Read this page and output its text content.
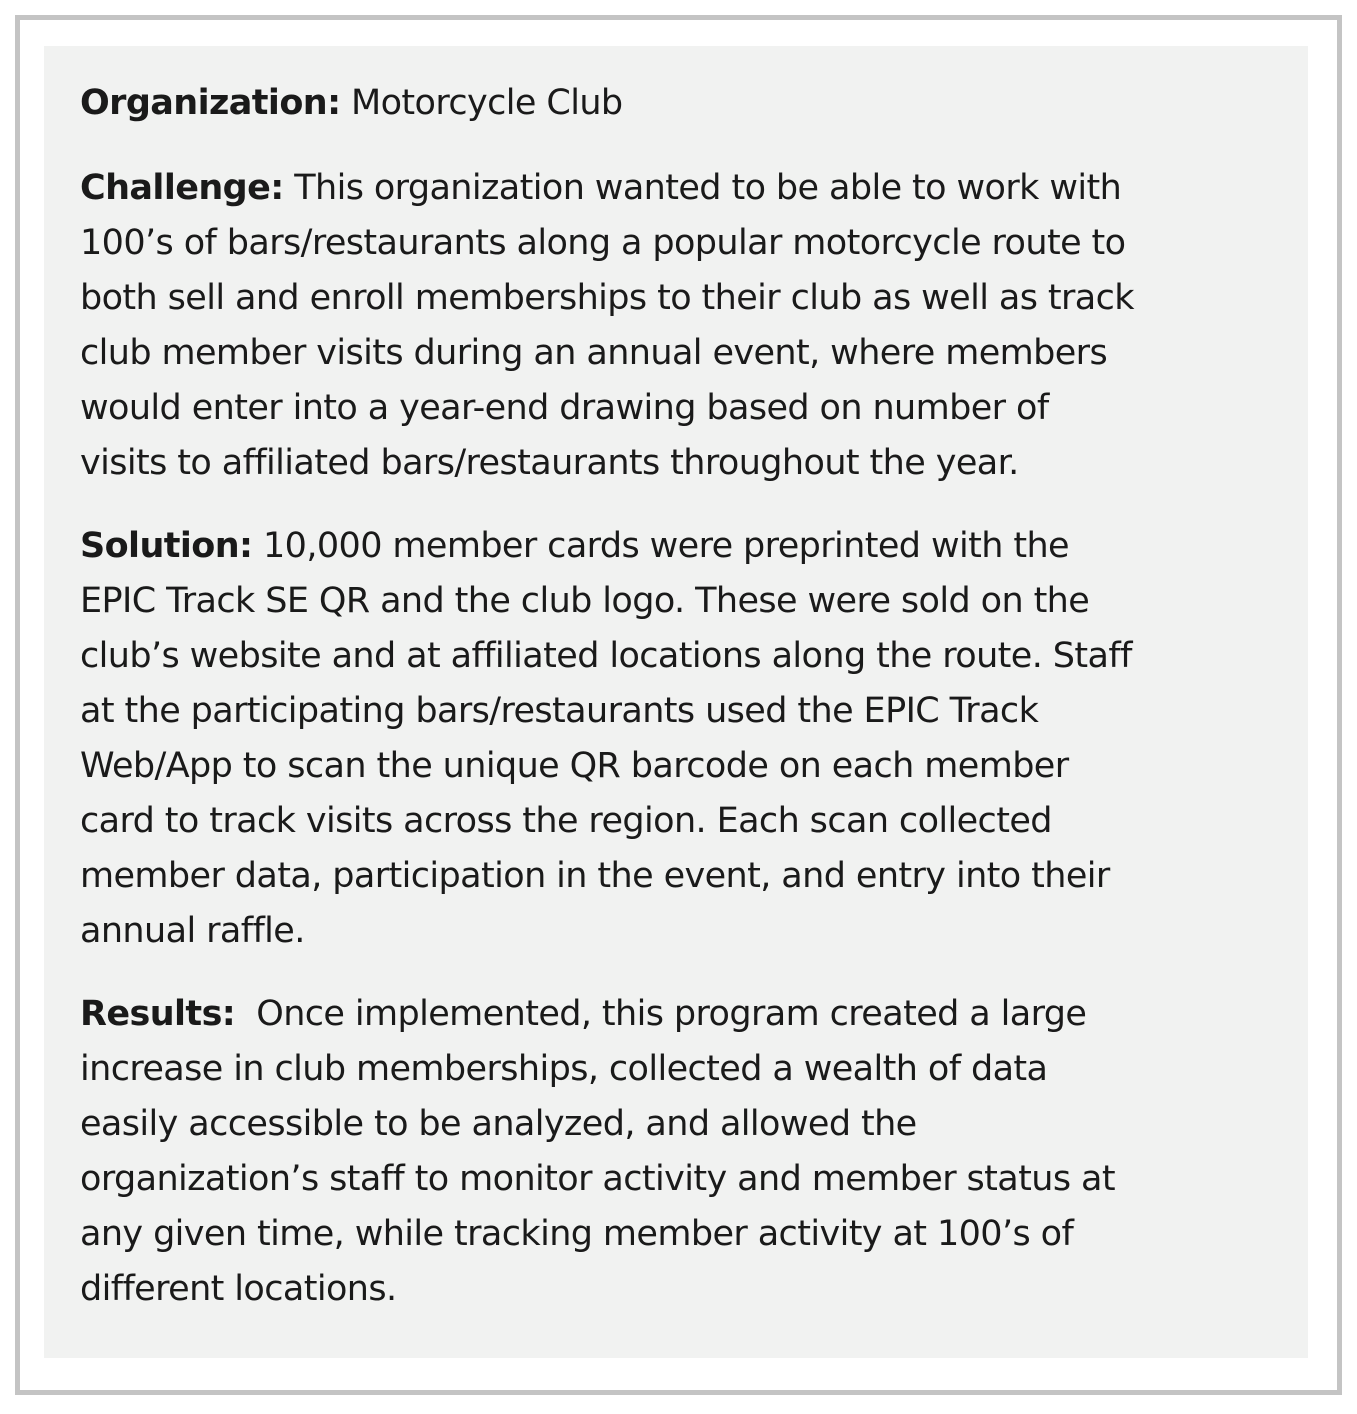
Organization: Motorcycle Club
Challenge: This organization wanted to be able to work with
100’s of bars/restaurants along a popular motorcycle route to
both sell and enroll memberships to their club as well as track
club member visits during an annual event, where members
would enter into a year-end drawing based on number of
visits to affiliated bars/restaurants throughout the year.
Solution: 10,000 member cards were preprinted with the
EPIC Track SE QR and the club logo. These were sold on the
club’s website and at affiliated locations along the route. Staff
at the participating bars/restaurants used the EPIC Track
Web/App to scan the unique QR barcode on each member
card to track visits across the region. Each scan collected
member data, participation in the event, and entry into their
annual raffle.
Results:  Once implemented, this program created a large
increase in club memberships, collected a wealth of data
easily accessible to be analyzed, and allowed the
organization’s staff to monitor activity and member status at
any given time, while tracking member activity at 100’s of
different locations.
